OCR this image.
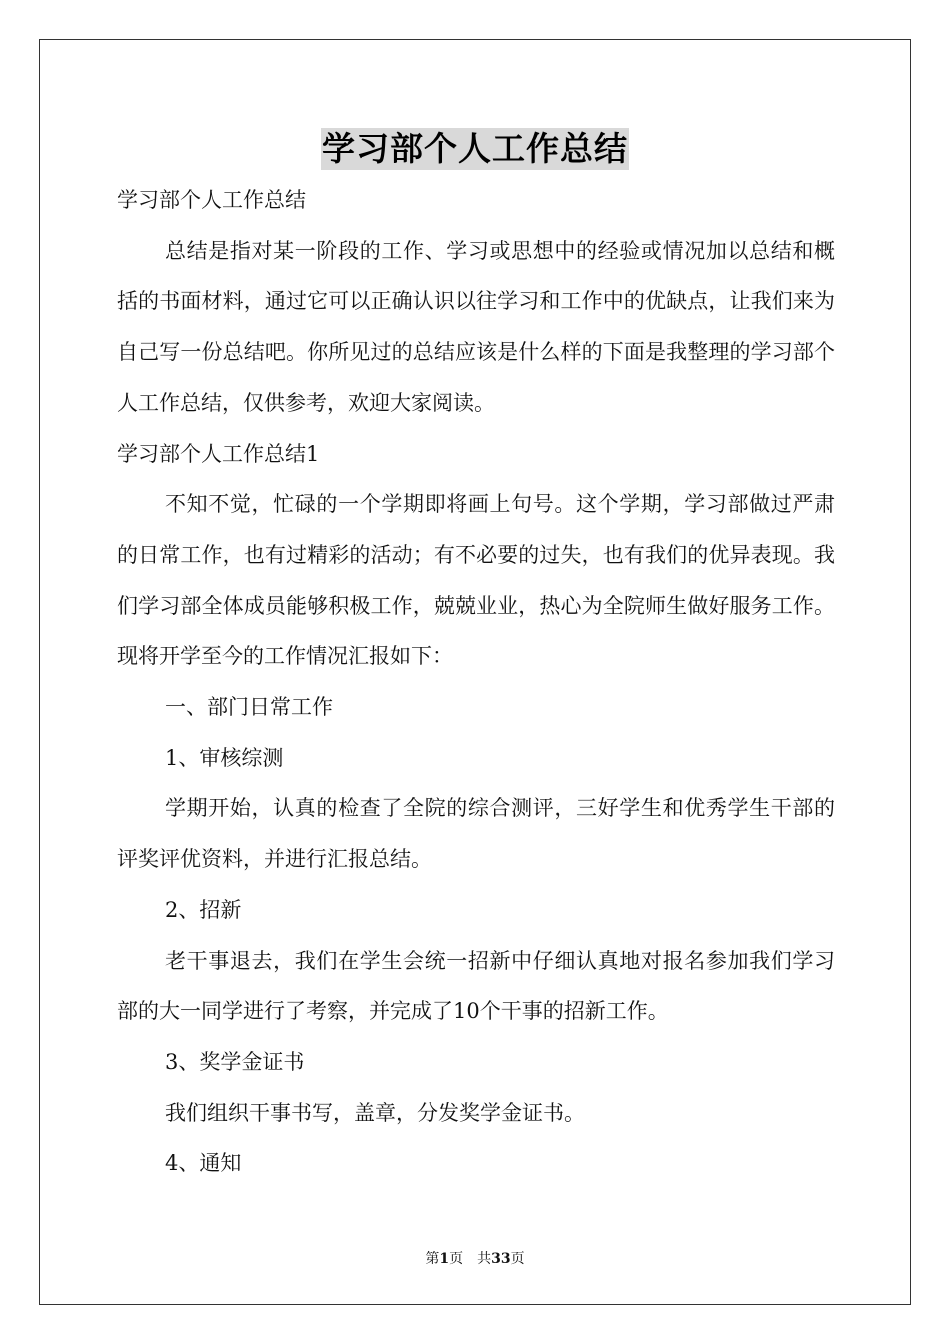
学习部个人工作总结

学习部个人工作总结

总结是指对某一阶段的工作、学习或思想中的经验或情况加以总结和概括的书面材料，通过它可以正确认识以往学习和工作中的优缺点，让我们来为自己写一份总结吧。你所见过的总结应该是什么样的下面是我整理的学习部个人工作总结，仅供参考，欢迎大家阅读。

学习部个人工作总结1

不知不觉，忙碌的一个学期即将画上句号。这个学期，学习部做过严肃的日常工作，也有过精彩的活动；有不必要的过失，也有我们的优异表现。我们学习部全体成员能够积极工作，兢兢业业，热心为全院师生做好服务工作。现将开学至今的工作情况汇报如下：

一、部门日常工作

1、审核综测

学期开始，认真的检查了全院的综合测评，三好学生和优秀学生干部的评奖评优资料，并进行汇报总结。

2、招新

老干事退去，我们在学生会统一招新中仔细认真地对报名参加我们学习部的大一同学进行了考察，并完成了10个干事的招新工作。

3、奖学金证书

我们组织干事书写，盖章，分发奖学金证书。

4、通知

第1页 共33页
